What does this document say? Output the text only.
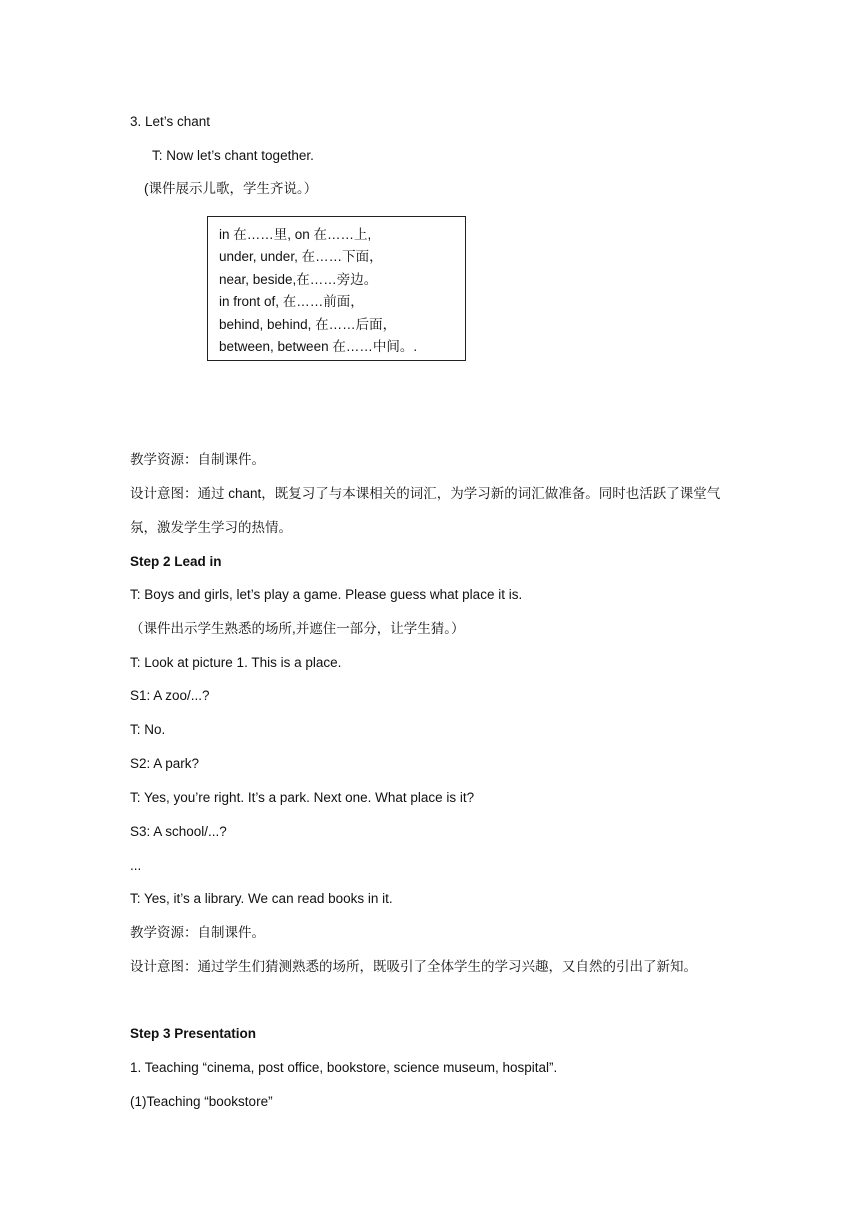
3. Let’s chant
T: Now let’s chant together.
(课件展示儿歌，学生齐说。）
in 在……里, on 在……上,
under, under, 在……下面，
near, beside,在……旁边。
in front of, 在……前面，
behind, behind, 在……后面，
between, between 在……中间。.
教学资源：自制课件。
设计意图：通过 chant，既复习了与本课相关的词汇，为学习新的词汇做准备。同时也活跃了课堂气氛，激发学生学习的热情。
Step 2 Lead in
T: Boys and girls, let’s play a game. Please guess what place it is.
（课件出示学生熟悉的场所,并遮住一部分，让学生猜。）
T: Look at picture 1. This is a place.
S1: A zoo/...?
T: No.
S2: A park?
T: Yes, you’re right. It’s a park. Next one. What place is it?
S3: A school/...?
...
T: Yes, it’s a library. We can read books in it.
教学资源：自制课件。
设计意图：通过学生们猜测熟悉的场所，既吸引了全体学生的学习兴趣，又自然的引出了新知。
Step 3 Presentation
1. Teaching “cinema, post office, bookstore, science museum, hospital”.
(1)Teaching “bookstore”
